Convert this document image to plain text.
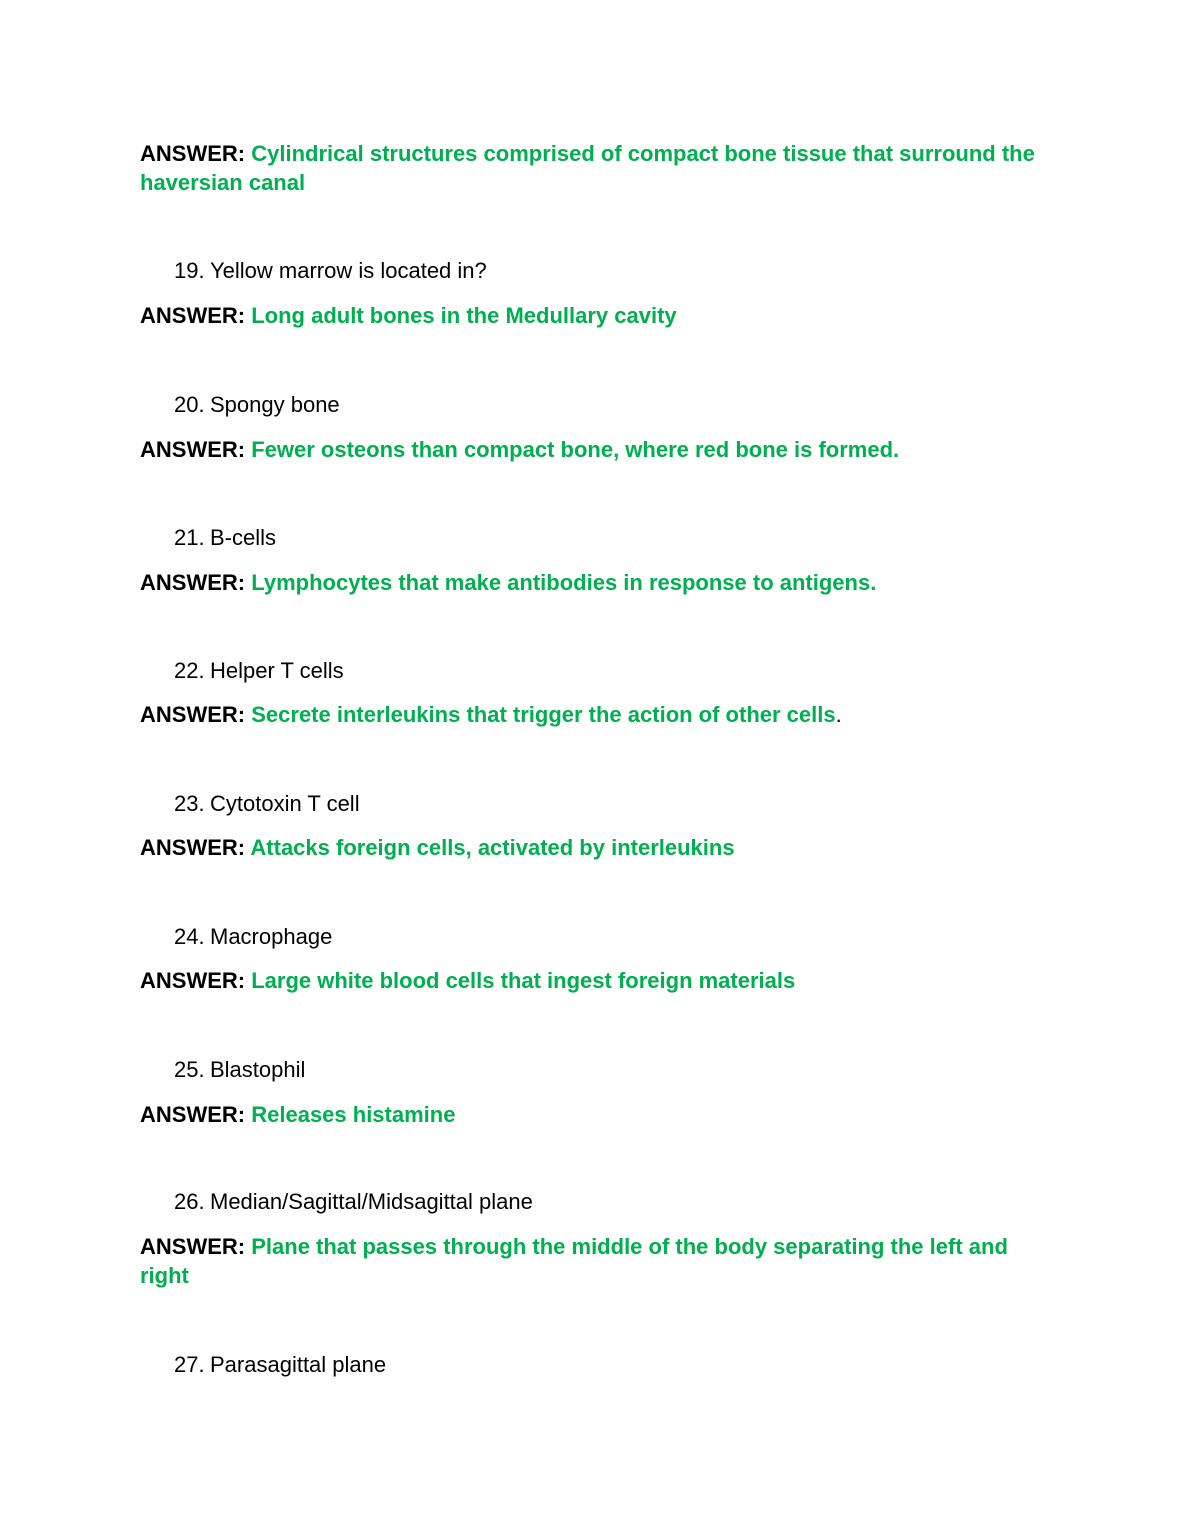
ANSWER: Cylindrical structures comprised of compact bone tissue that surround the haversian canal
19. Yellow marrow is located in?
ANSWER: Long adult bones in the Medullary cavity
20. Spongy bone
ANSWER: Fewer osteons than compact bone, where red bone is formed.
21. B-cells
ANSWER: Lymphocytes that make antibodies in response to antigens.
22. Helper T cells
ANSWER: Secrete interleukins that trigger the action of other cells.
23. Cytotoxin T cell
ANSWER: Attacks foreign cells, activated by interleukins
24. Macrophage
ANSWER: Large white blood cells that ingest foreign materials
25. Blastophil
ANSWER: Releases histamine
26. Median/Sagittal/Midsagittal plane
ANSWER: Plane that passes through the middle of the body separating the left and right
27. Parasagittal plane
